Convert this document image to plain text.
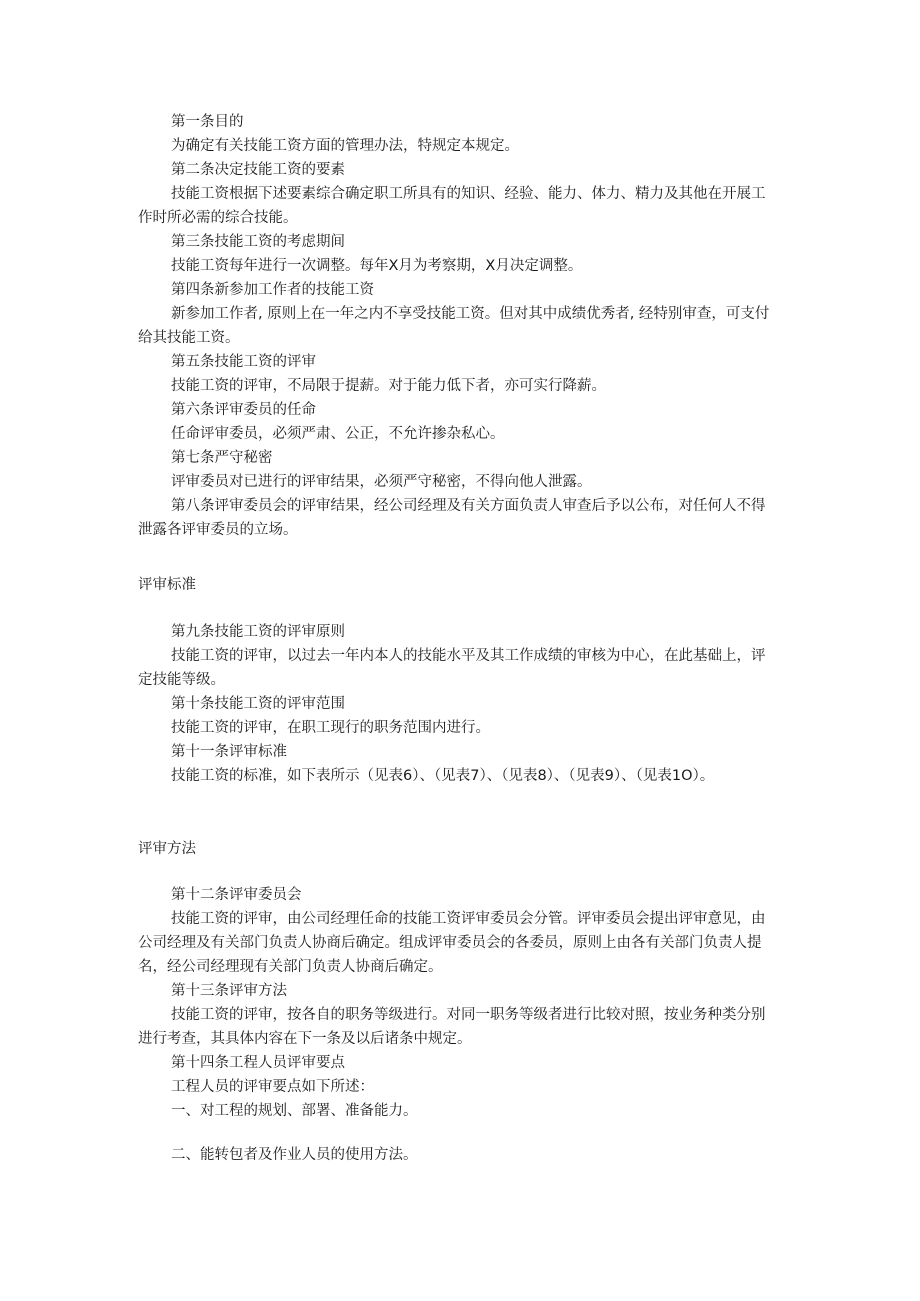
第一条目的

为确定有关技能工资方面的管理办法，特规定本规定。

第二条决定技能工资的要素

技能工资根据下述要素综合确定职工所具有的知识、经验、能力、体力、精力及其他在开展工作时所必需的综合技能。

第三条技能工资的考虑期间

技能工资每年进行一次调整。每年X月为考察期，X月决定调整。

第四条新参加工作者的技能工资

新参加工作者, 原则上在一年之内不享受技能工资。但对其中成绩优秀者, 经特别审查，可支付给其技能工资。

第五条技能工资的评审

技能工资的评审，不局限于提薪。对于能力低下者，亦可实行降薪。

第六条评审委员的任命

任命评审委员，必须严肃、公正，不允许掺杂私心。

第七条严守秘密

评审委员对已进行的评审结果，必须严守秘密，不得向他人泄露。

第八条评审委员会的评审结果，经公司经理及有关方面负责人审查后予以公布，对任何人不得泄露各评审委员的立场。

评审标准

第九条技能工资的评审原则

技能工资的评审，以过去一年内本人的技能水平及其工作成绩的审核为中心，在此基础上，评定技能等级。

第十条技能工资的评审范围

技能工资的评审，在职工现行的职务范围内进行。

第十一条评审标准

技能工资的标准，如下表所示（见表6）、（见表7）、（见表8）、（见表9）、（见表1O）。

评审方法

第十二条评审委员会

技能工资的评审，由公司经理任命的技能工资评审委员会分管。评审委员会提出评审意见，由公司经理及有关部门负责人协商后确定。组成评审委员会的各委员，原则上由各有关部门负责人提名，经公司经理现有关部门负责人协商后确定。

第十三条评审方法

技能工资的评审，按各自的职务等级进行。对同一职务等级者进行比较对照，按业务种类分别进行考查，其具体内容在下一条及以后诸条中规定。

第十四条工程人员评审要点

工程人员的评审要点如下所述：

一、对工程的规划、部署、准备能力。

二、能转包者及作业人员的使用方法。
